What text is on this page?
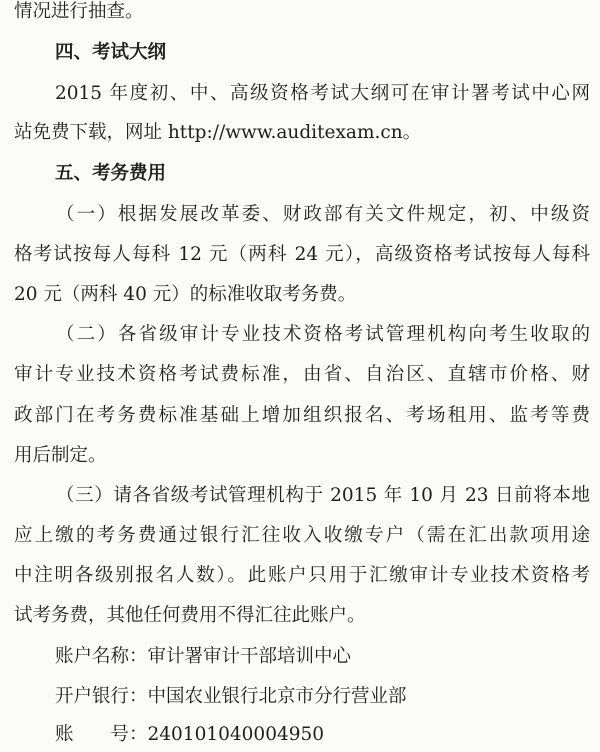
情况进行抽查。
四、考试大纲
2015 年度初、中、高级资格考试大纲可在审计署考试中心网
站免费下载，网址 http://www.auditexam.cn。
五、考务费用
（一）根据发展改革委、财政部有关文件规定，初、中级资
格考试按每人每科 12 元（两科 24 元），高级资格考试按每人每科
20 元（两科 40 元）的标准收取考务费。
（二）各省级审计专业技术资格考试管理机构向考生收取的
审计专业技术资格考试费标准，由省、自治区、直辖市价格、财
政部门在考务费标准基础上增加组织报名、考场租用、监考等费
用后制定。
（三）请各省级考试管理机构于 2015 年 10 月 23 日前将本地
应上缴的考务费通过银行汇往收入收缴专户（需在汇出款项用途
中注明各级别报名人数）。此账户只用于汇缴审计专业技术资格考
试考务费，其他任何费用不得汇往此账户。
账户名称：审计署审计干部培训中心
开户银行：中国农业银行北京市分行营业部
账　　号：240101040004950
